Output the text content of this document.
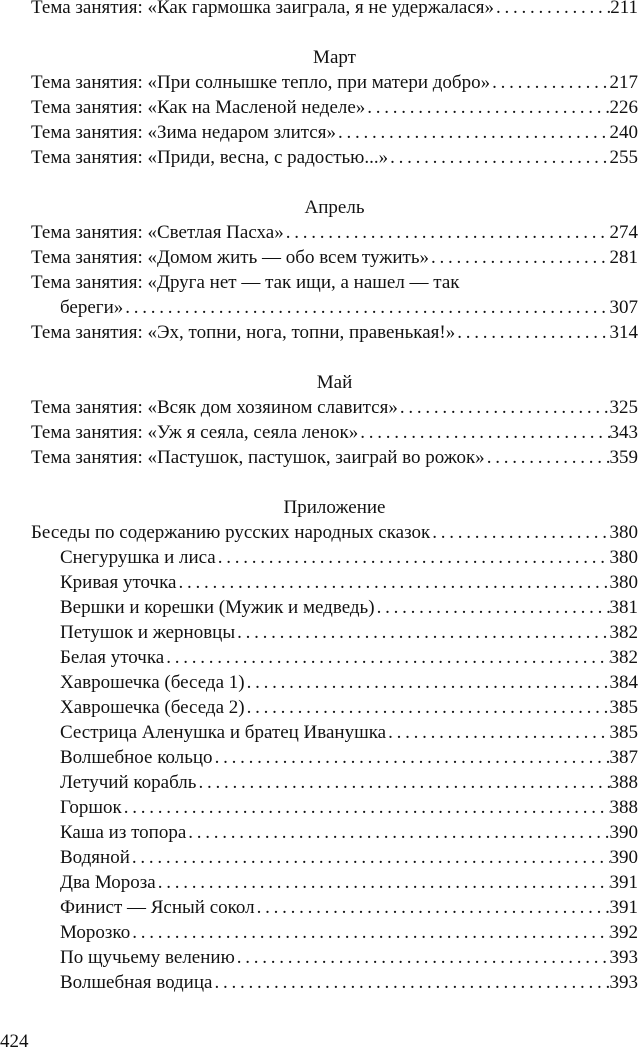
Тема занятия: «Как гармошка заиграла, я не удержалася» . . .	211
Март
Тема занятия: «При солнышке тепло, при матери добро» . . .	217
Тема занятия: «Как на Масленой неделе» . . .	226
Тема занятия: «Зима недаром злится» . . .	240
Тема занятия: «Приди, весна, с радостью...» . . .	255
Апрель
Тема занятия: «Светлая Пасха» . . .	274
Тема занятия: «Домом жить — обо всем тужить» . . .	281
Тема занятия: «Друга нет — так ищи, а нашел — так
береги» . . .	307
Тема занятия: «Эх, топни, нога, топни, правенькая!» . . .	314
Май
Тема занятия: «Всяк дом хозяином славится» . . .	325
Тема занятия: «Уж я сеяла, сеяла ленок» . . .	343
Тема занятия: «Пастушок, пастушок, заиграй во рожок» . . .	359
Приложение
Беседы по содержанию русских народных сказок . . .	380
Снегурушка и лиса . . .	380
Кривая уточка . . .	380
Вершки и корешки (Мужик и медведь) . . .	381
Петушок и жерновцы . . .	382
Белая уточка . . .	382
Хаврошечка (беседа 1) . . .	384
Хаврошечка (беседа 2) . . .	385
Сестрица Аленушка и братец Иванушка . . .	385
Волшебное кольцо . . .	387
Летучий корабль . . .	388
Горшок . . .	388
Каша из топора . . .	390
Водяной . . .	390
Два Мороза . . .	391
Финист — Ясный сокол . . .	391
Морозко . . .	392
По щучьему велению . . .	393
Волшебная водица . . .	393
424
